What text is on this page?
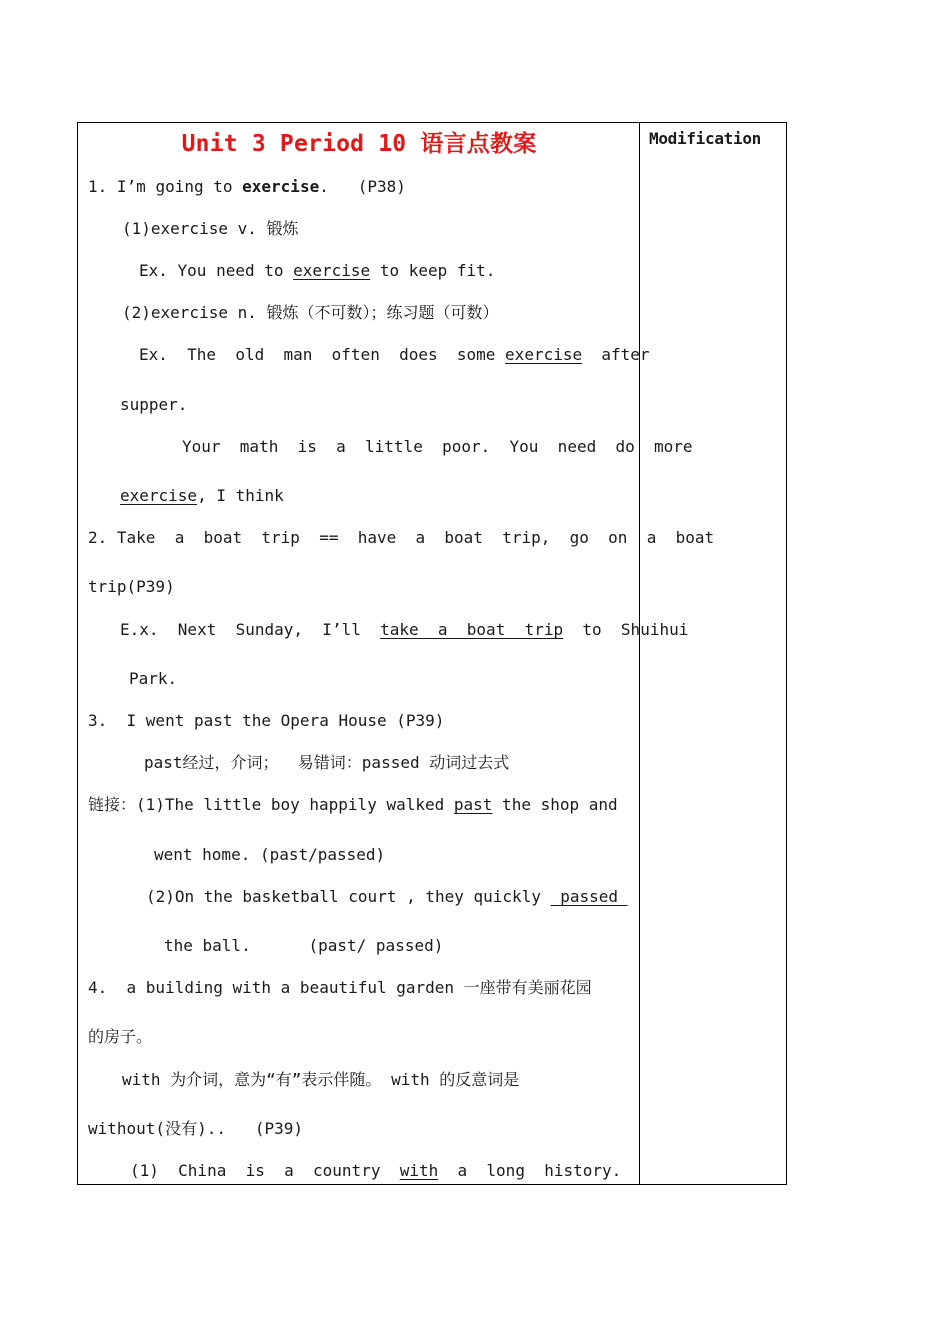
Unit 3 Period 10 语言点教案
1. I’m going to exercise.   (P38)
(1)exercise v. 锻炼
Ex. You need to exercise to keep fit.
(2)exercise n. 锻炼（不可数）；练习题（可数）
Ex.  The  old  man  often  does  some exercise after
supper.
Your  math  is  a  little  poor.  You  need  do  more
exercise, I think
2. Take  a  boat  trip  ==  have  a  boat  trip,  go  on  a  boat
trip(P39)
E.x.  Next  Sunday,  I’ll  take  a  boat  trip  to  Shuihui
Park.
3.  I went past the Opera House (P39)
past经过，介词；  易错词：passed 动词过去式
链接：(1)The little boy happily walked past the shop and
went home. (past/passed)
(2)On the basketball court , they quickly  passed
the ball.      (past/ passed)
4.  a building with a beautiful garden 一座带有美丽花园
的房子。
with 为介词，意为“有”表示伴随。 with 的反意词是
without(没有)..   (P39)
(1)  China  is  a  country  with  a  long  history.
Modification
